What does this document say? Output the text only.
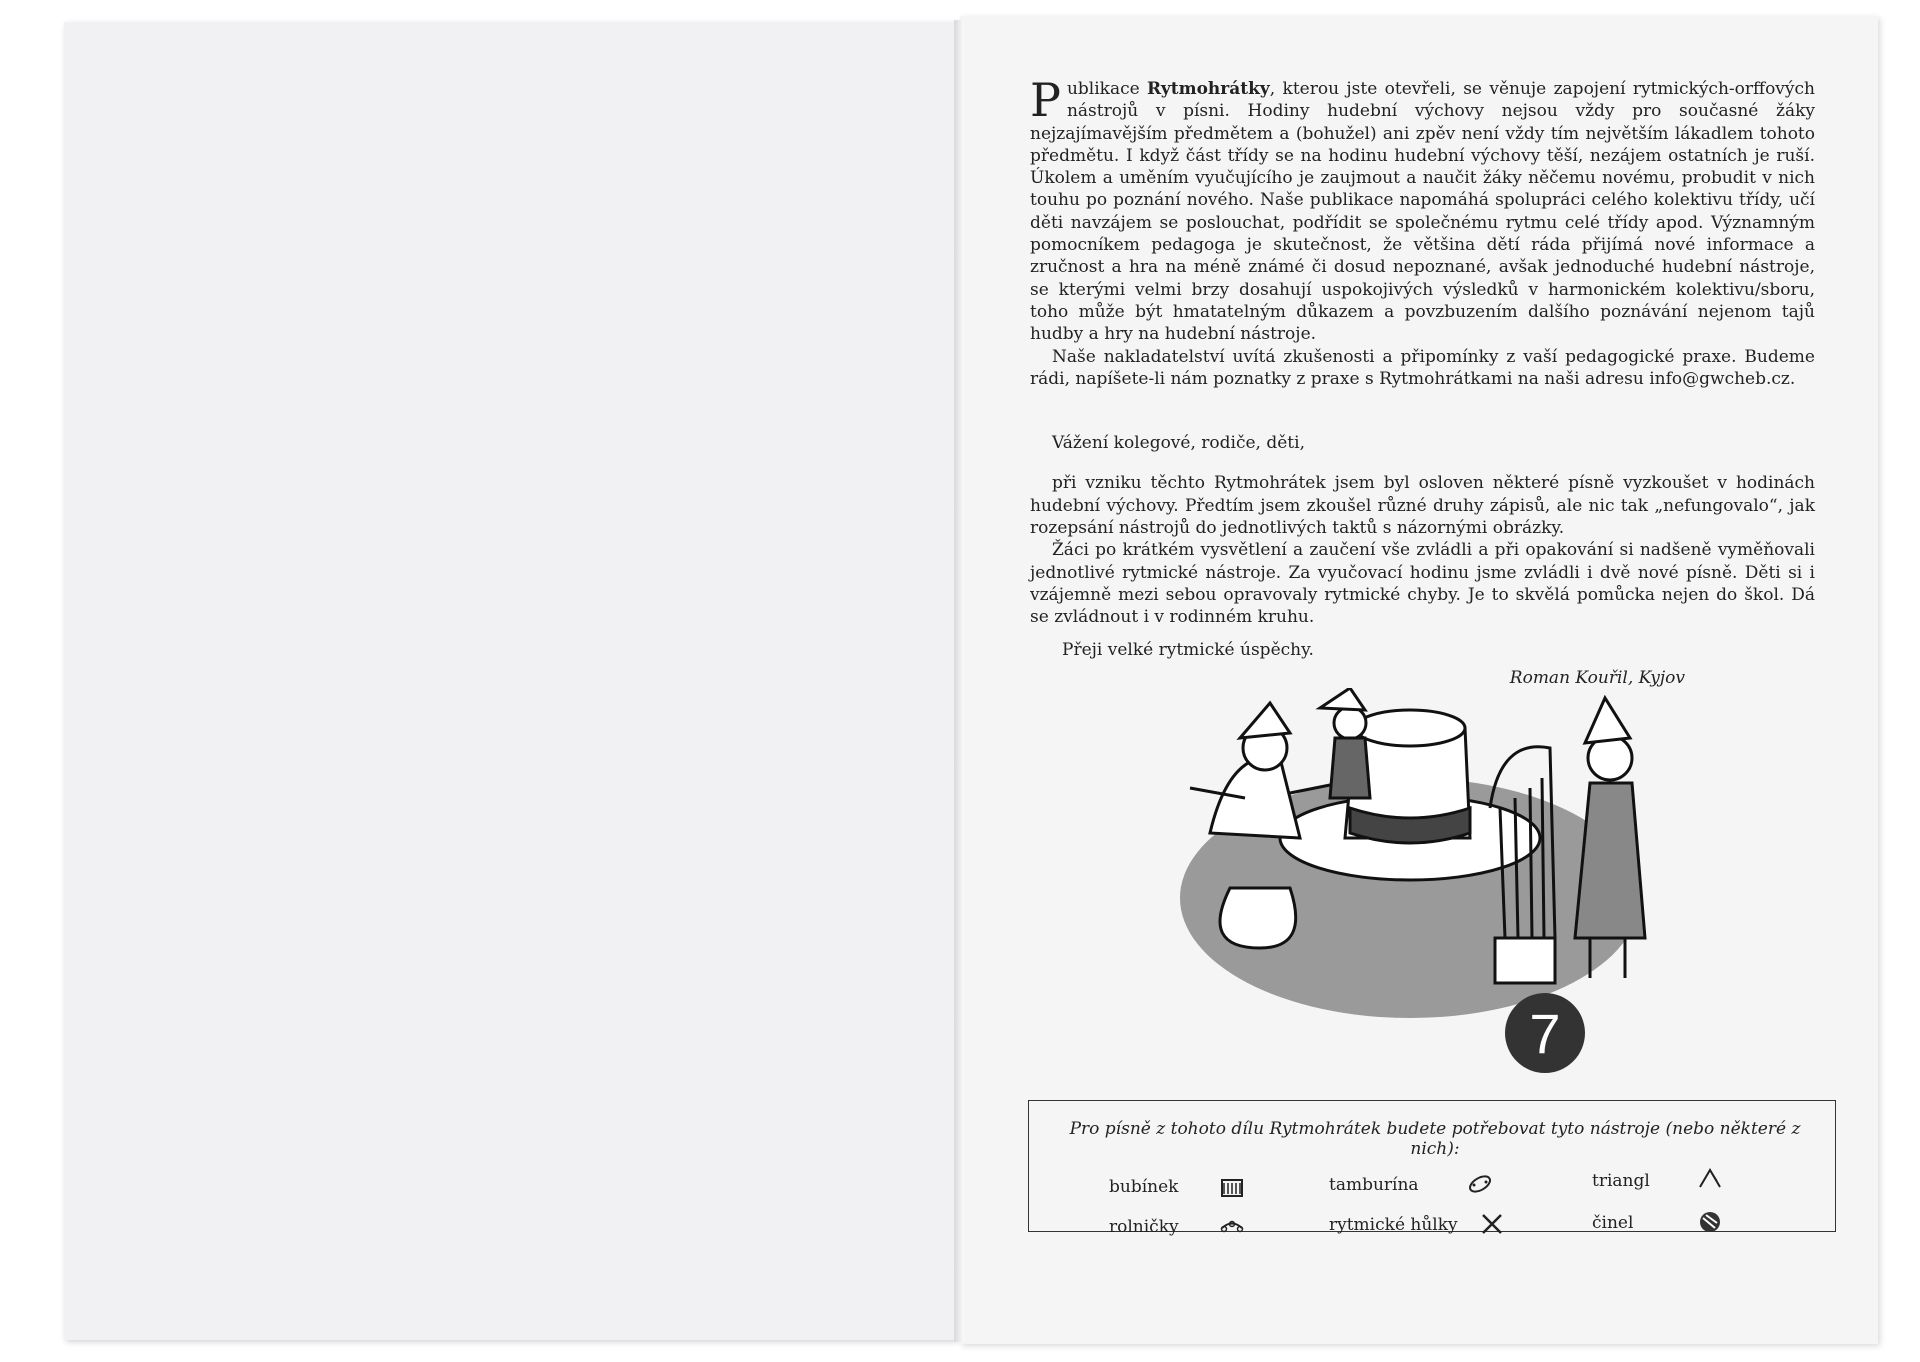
Publikace Rytmohrátky, kterou jste otevřeli, se věnuje zapojení rytmických-orffových nástrojů v písni. Hodiny hudební výchovy nejsou vždy pro současné žáky nejzajímavějším předmětem a (bohužel) ani zpěv není vždy tím největším lákadlem tohoto předmětu. I když část třídy se na hodinu hudební výchovy těší, nezájem ostatních je ruší. Úkolem a uměním vyučujícího je zaujmout a naučit žáky něčemu novému, probudit v nich touhu po poznání nového. Naše publikace napomáhá spolupráci celého kolektivu třídy, učí děti navzájem se poslouchat, podřídit se společnému rytmu celé třídy apod. Významným pomocníkem pedagoga je skutečnost, že většina dětí ráda přijímá nové informace a zručnost a hra na méně známé či dosud nepoznané, avšak jednoduché hudební nástroje, se kterými velmi brzy dosahují uspokojivých výsledků v harmonickém kolektivu/sboru, toho může být hmatatelným důkazem a povzbuzením dalšího poznávání nejenom tajů hudby a hry na hudební nástroje.

Naše nakladatelství uvítá zkušenosti a připomínky z vaší pedagogické praxe. Budeme rádi, napíšete-li nám poznatky z praxe s Rytmohrátkami na naši adresu info@gwcheb.cz.

Vážení kolegové, rodiče, děti,

při vzniku těchto Rytmohrátek jsem byl osloven některé písně vyzkoušet v hodinách hudební výchovy. Předtím jsem zkoušel různé druhy zápisů, ale nic tak „nefungovalo“, jak rozepsání nástrojů do jednotlivých taktů s názornými obrázky.

Žáci po krátkém vysvětlení a zaučení vše zvládli a při opakování si nadšeně vyměňovali jednotlivé rytmické nástroje. Za vyučovací hodinu jsme zvládli i dvě nové písně. Děti si i vzájemně mezi sebou opravovaly rytmické chyby. Je to skvělá pomůcka nejen do škol. Dá se zvládnout i v rodinném kruhu.

Přeji velké rytmické úspěchy.

Roman Kouřil, Kyjov
7
Pro písně z tohoto dílu Rytmohrátek budete potřebovat tyto nástroje (nebo některé z nich):
bubínek	tamburína	triangl
rolničky	rytmické hůlky	činel
